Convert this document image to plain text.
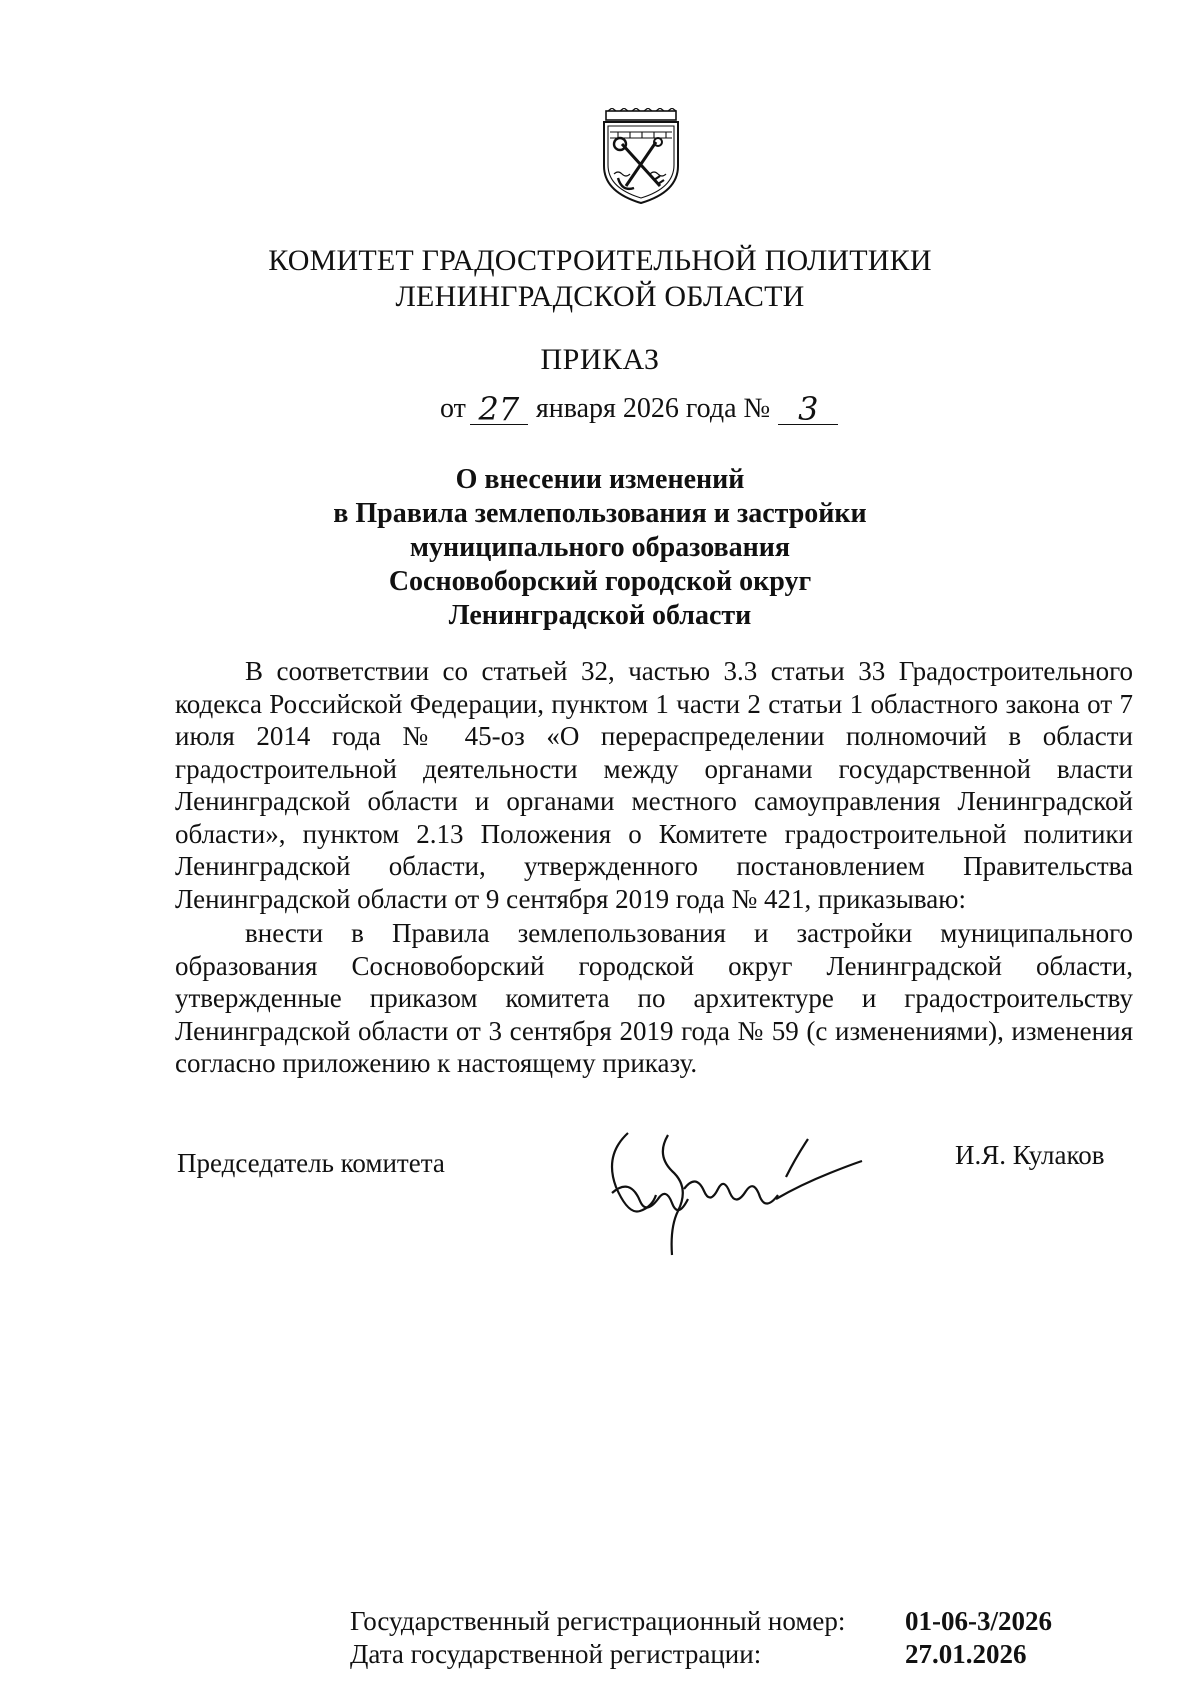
КОМИТЕТ ГРАДОСТРОИТЕЛЬНОЙ ПОЛИТИКИ
ЛЕНИНГРАДСКОЙ ОБЛАСТИ
ПРИКАЗ
от 27 января 2026 года № 3
О внесении изменений
в Правила землепользования и застройки
муниципального образования
Сосновоборский городской округ
Ленинградской области
В соответствии со статьей 32, частью 3.3 статьи 33 Градостроительного кодекса Российской Федерации, пунктом 1 части 2 статьи 1 областного закона от 7 июля 2014 года № 45-оз «О перераспределении полномочий в области градостроительной деятельности между органами государственной власти Ленинградской области и органами местного самоуправления Ленинградской области», пунктом 2.13 Положения о Комитете градостроительной политики Ленинградской области, утвержденного постановлением Правительства Ленинградской области от 9 сентября 2019 года № 421, приказываю:
внести в Правила землепользования и застройки муниципального образования Сосновоборский городской округ Ленинградской области, утвержденные приказом комитета по архитектуре и градостроительству Ленинградской области от 3 сентября 2019 года № 59 (с изменениями), изменения согласно приложению к настоящему приказу.
Председатель комитета	И.Я. Кулаков
Государственный регистрационный номер: 01-06-3/2026
Дата государственной регистрации:	27.01.2026
